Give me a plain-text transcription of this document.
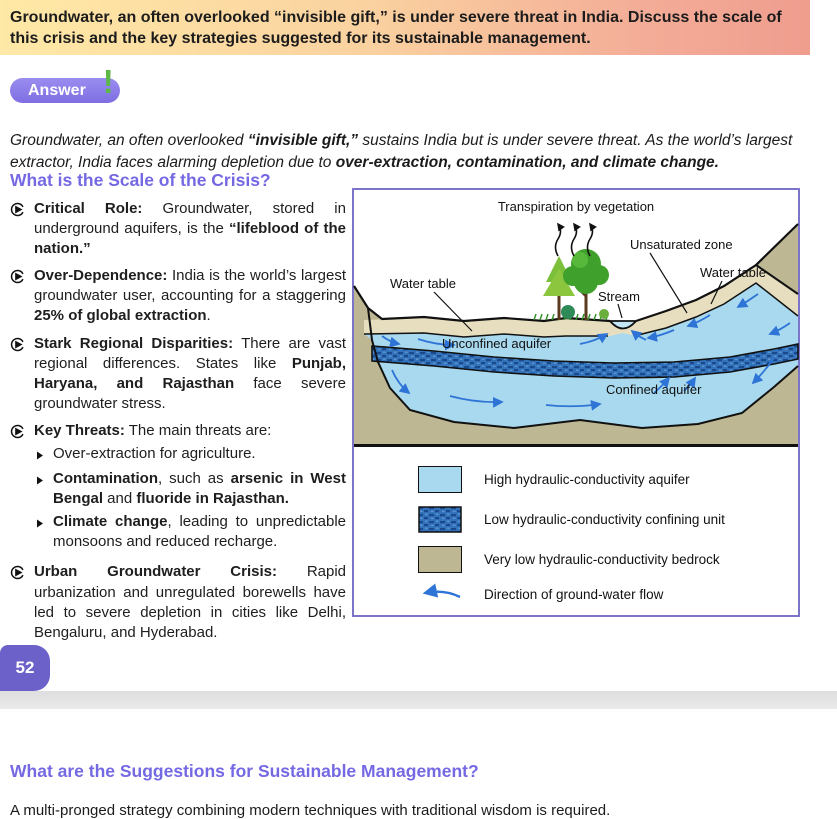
Groundwater, an often overlooked “invisible gift,” is under severe threat in India. Discuss the scale of this crisis and the key strategies suggested for its sustainable management.
Answer !

Groundwater, an often overlooked “invisible gift,” sustains India but is under severe threat. As the world’s largest extractor, India faces alarming depletion due to over-extraction, contamination, and climate change.

What is the Scale of the Crisis?

Critical Role: Groundwater, stored in underground aquifers, is the “lifeblood of the nation.”

Over-Dependence: India is the world’s largest groundwater user, accounting for a staggering 25% of global extraction.

Stark Regional Disparities: There are vast regional differences. States like Punjab, Haryana, and Rajasthan face severe groundwater stress.

Key Threats: The main threats are:

Over-extraction for agriculture.

Contamination, such as arsenic in West Bengal and fluoride in Rajasthan.

Climate change, leading to unpredictable monsoons and reduced recharge.

Urban Groundwater Crisis: Rapid urbanization and unregulated borewells have led to severe depletion in cities like Delhi, Bengaluru, and Hyderabad.

Transpiration by vegetation
Unsaturated zone
Water table
Water table
Stream
Unconfined aquifer
Confined aquifer
High hydraulic-conductivity aquifer
Low hydraulic-conductivity confining unit
Very low hydraulic-conductivity bedrock
Direction of ground-water flow
52
What are the Suggestions for Sustainable Management?

A multi-pronged strategy combining modern techniques with traditional wisdom is required.
